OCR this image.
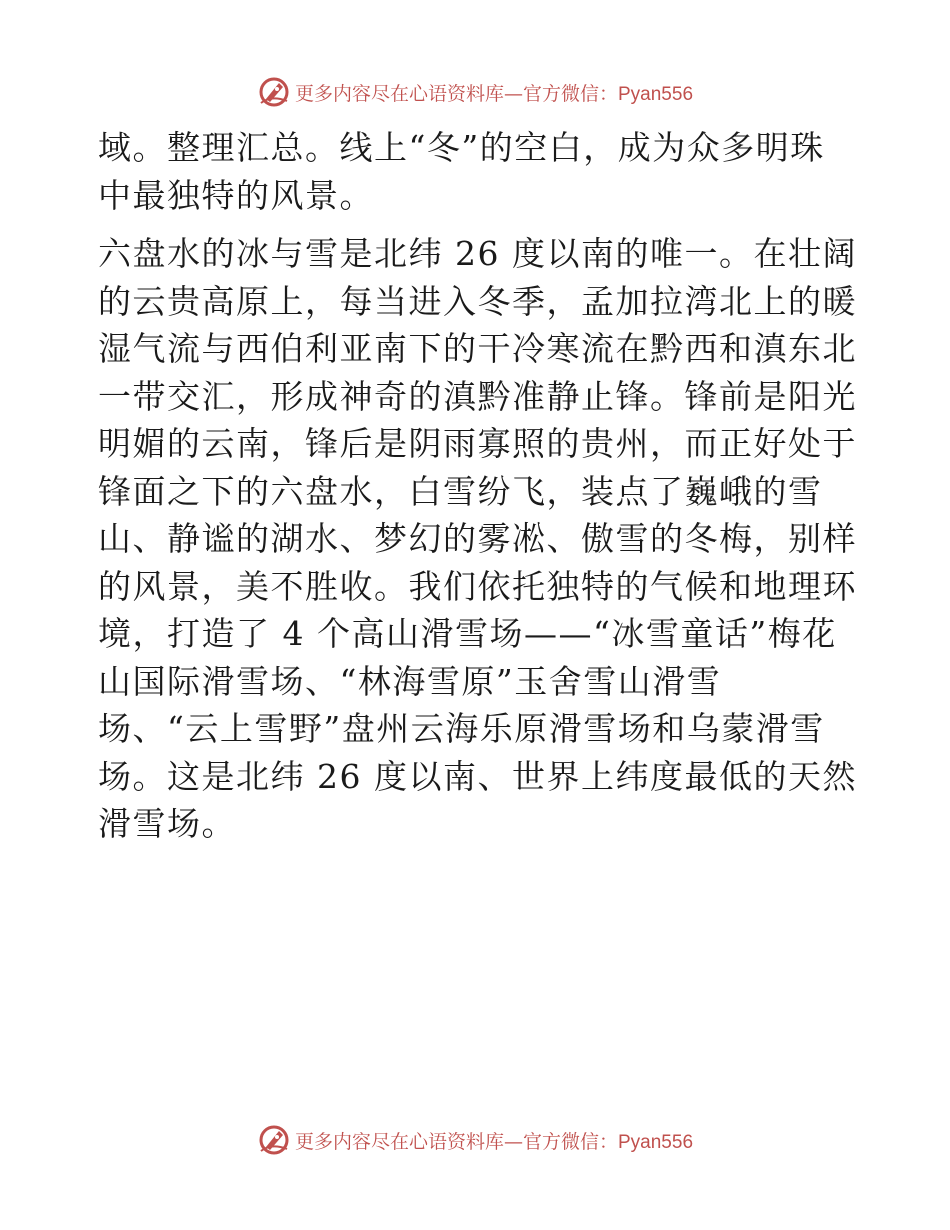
更多内容尽在心语资料库—官方微信：Pyan556
域。整理汇总。线上“冬”的空白，成为众多明珠
中最独特的风景。
六盘水的冰与雪是北纬 26 度以南的唯一。在壮阔
的云贵高原上，每当进入冬季，孟加拉湾北上的暖
湿气流与西伯利亚南下的干冷寒流在黔西和滇东北
一带交汇，形成神奇的滇黔准静止锋。锋前是阳光
明媚的云南，锋后是阴雨寡照的贵州，而正好处于
锋面之下的六盘水，白雪纷飞，装点了巍峨的雪
山、静谧的湖水、梦幻的雾凇、傲雪的冬梅，别样
的风景，美不胜收。我们依托独特的气候和地理环
境，打造了 4 个高山滑雪场——“冰雪童话”梅花
山国际滑雪场、“林海雪原”玉舍雪山滑雪
场、“云上雪野”盘州云海乐原滑雪场和乌蒙滑雪
场。这是北纬 26 度以南、世界上纬度最低的天然
滑雪场。
更多内容尽在心语资料库—官方微信：Pyan556
